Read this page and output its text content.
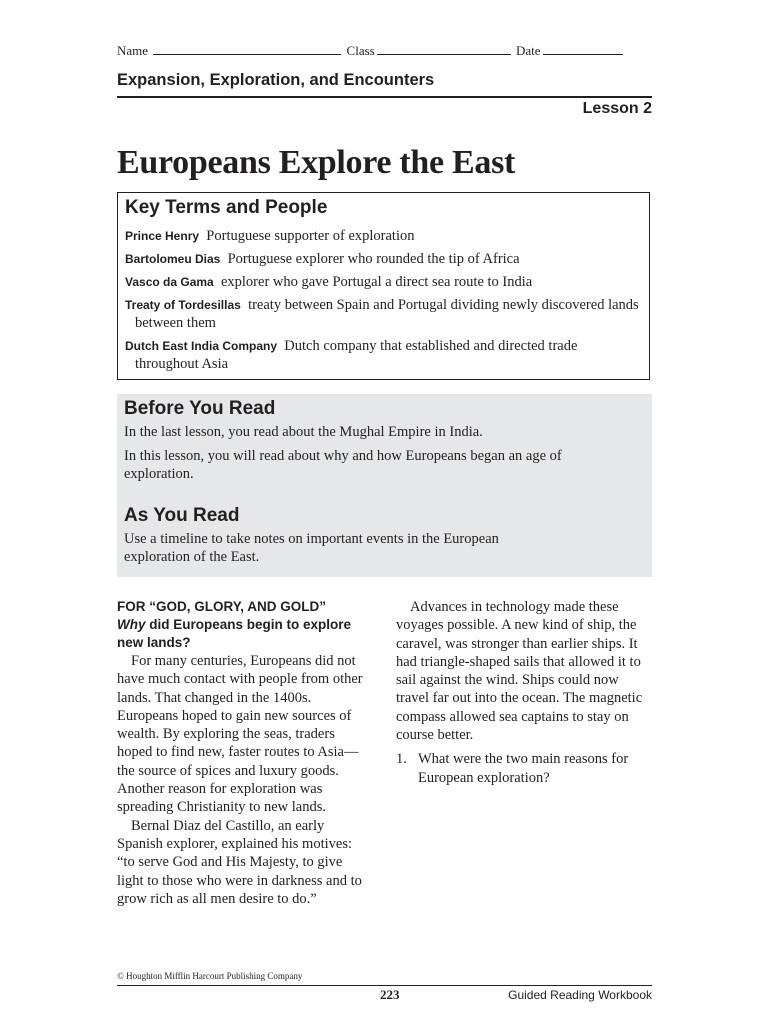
Name	Class	Date
Expansion, Exploration, and Encounters
Lesson 2
Europeans Explore the East
Key Terms and People
Prince Henry Portuguese supporter of exploration
Bartolomeu Dias Portuguese explorer who rounded the tip of Africa
Vasco da Gama explorer who gave Portugal a direct sea route to India
Treaty of Tordesillas treaty between Spain and Portugal dividing newly discovered lands between them
Dutch East India Company Dutch company that established and directed trade throughout Asia
Before You Read

In the last lesson, you read about the Mughal Empire in India.

In this lesson, you will read about why and how Europeans began an age of exploration.

As You Read

Use a timeline to take notes on important events in the European exploration of the East.

FOR “GOD, GLORY, AND GOLD”
Why did Europeans begin to explore new lands?

For many centuries, Europeans did not have much contact with people from other lands. That changed in the 1400s. Europeans hoped to gain new sources of wealth. By exploring the seas, traders hoped to find new, faster routes to Asia—the source of spices and luxury goods. Another reason for exploration was spreading Christianity to new lands.

Bernal Diaz del Castillo, an early Spanish explorer, explained his motives: “to serve God and His Majesty, to give light to those who were in darkness and to grow rich as all men desire to do.”

Advances in technology made these voyages possible. A new kind of ship, the caravel, was stronger than earlier ships. It had triangle-shaped sails that allowed it to sail against the wind. Ships could now travel far out into the ocean. The magnetic compass allowed sea captains to stay on course better.

1. What were the two main reasons for European exploration?
© Houghton Mifflin Harcourt Publishing Company
223	Guided Reading Workbook
